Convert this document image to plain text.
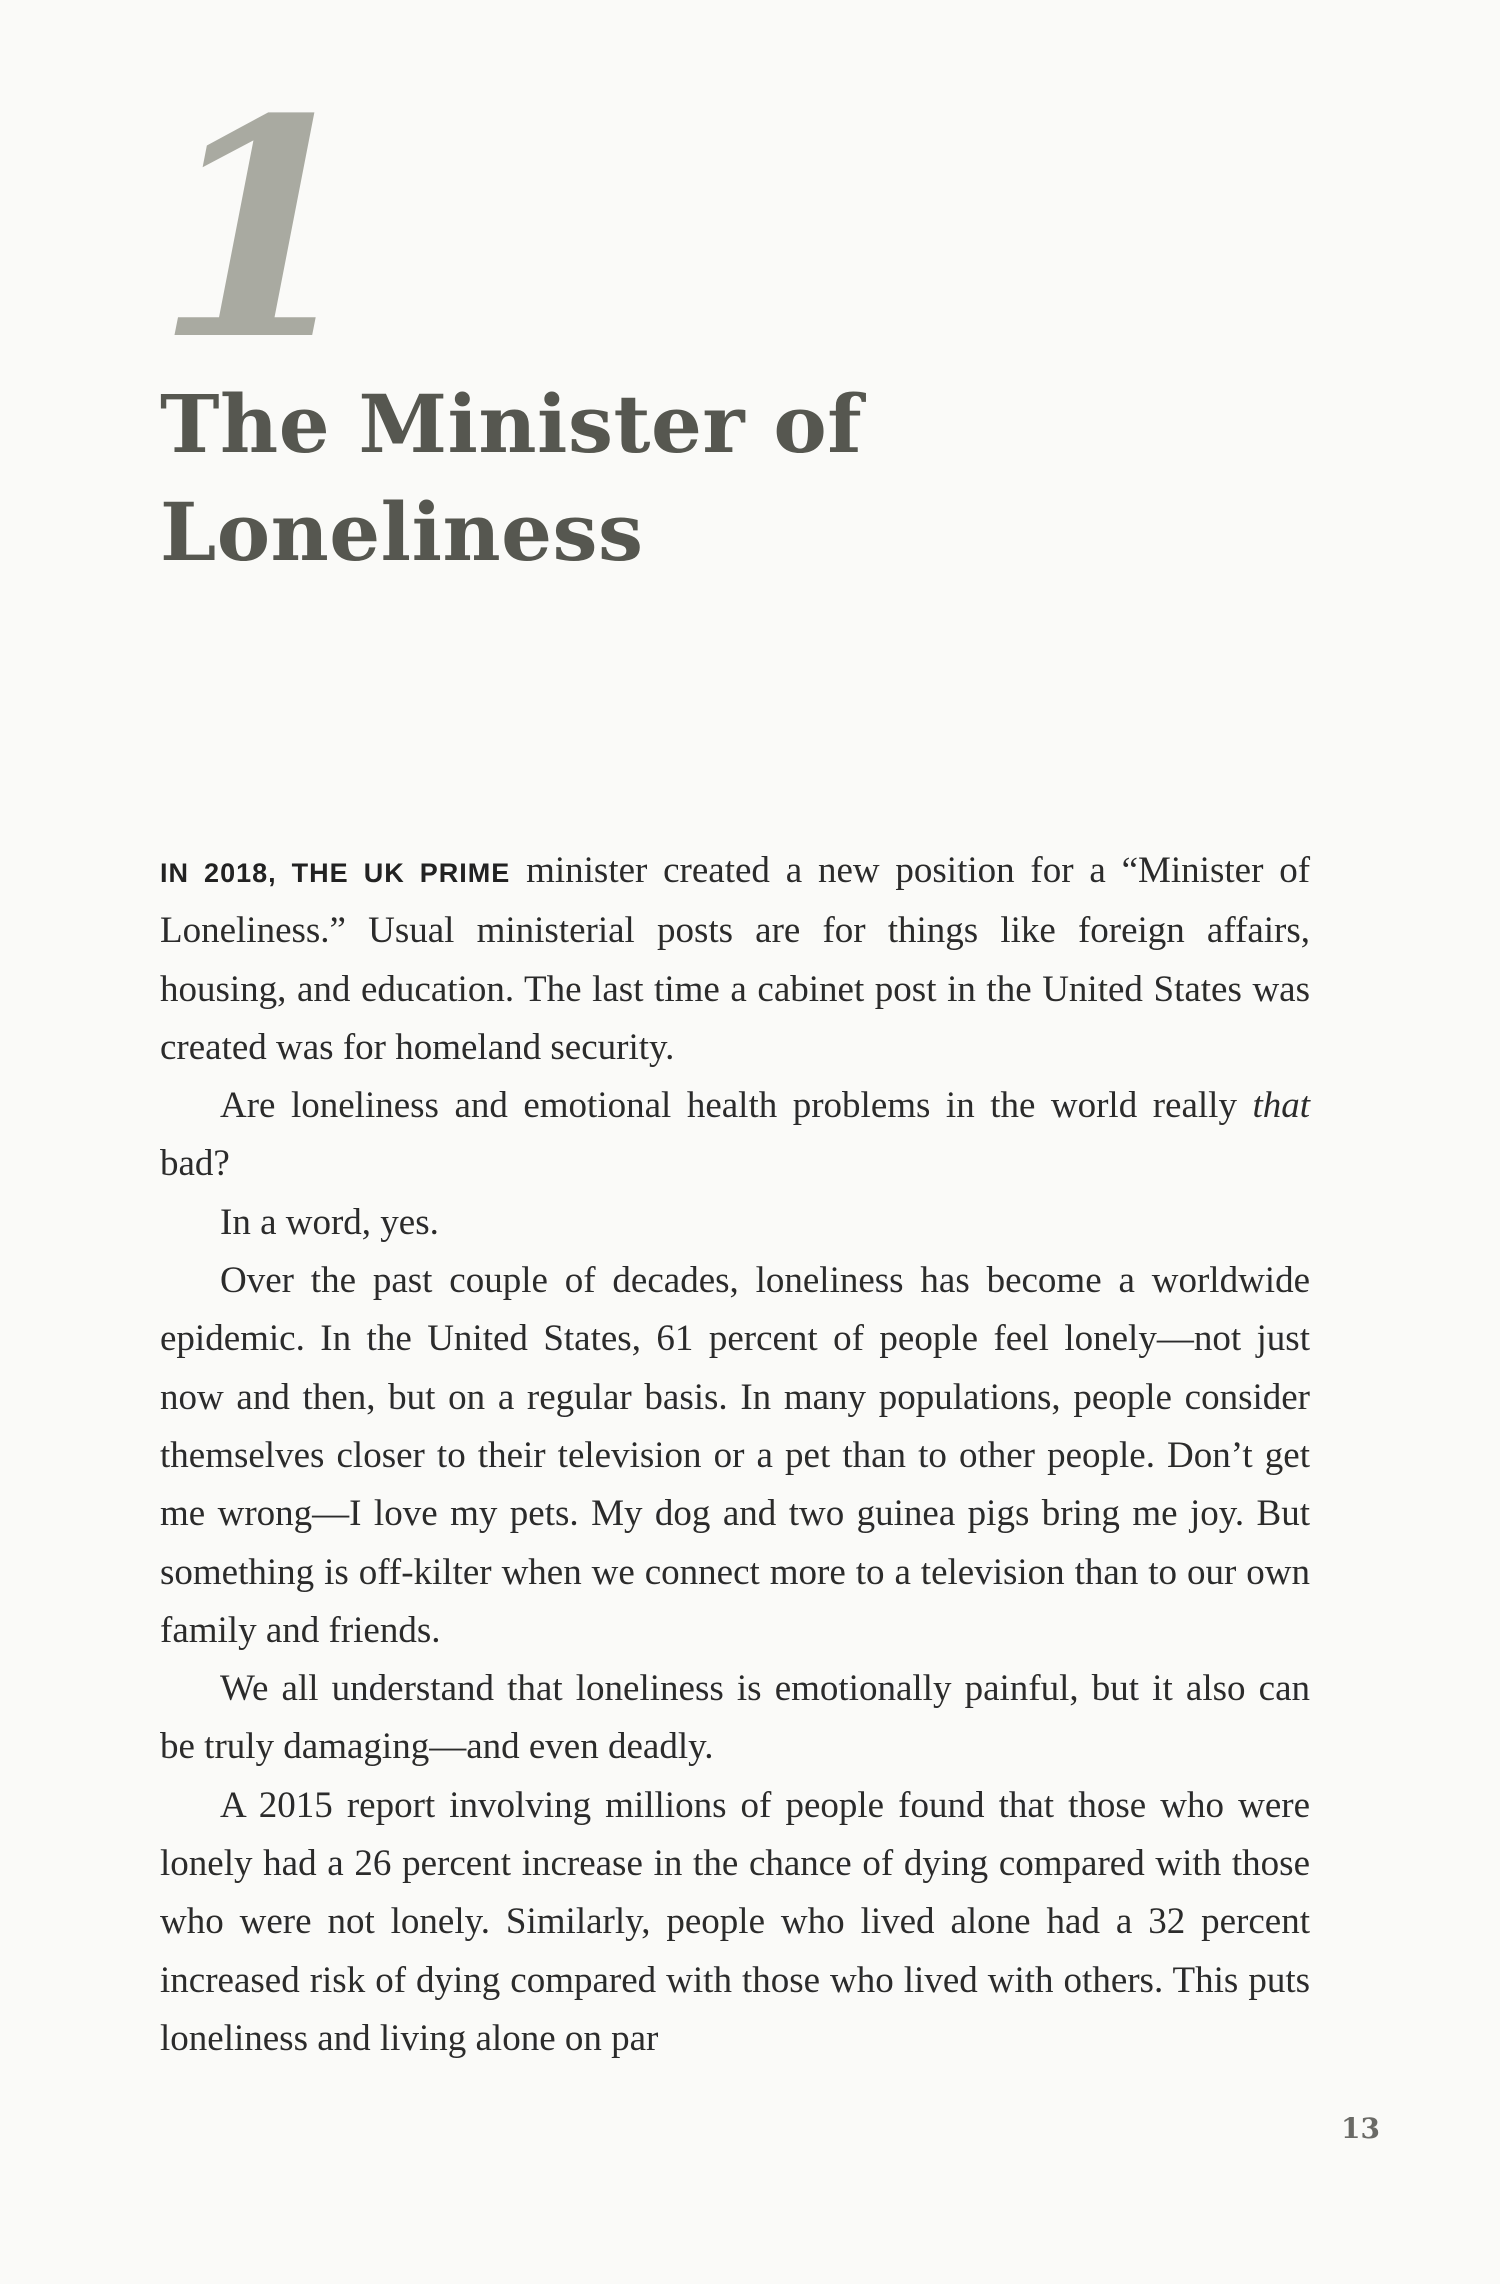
1
The Minister of
Loneliness

IN 2018, THE UK PRIME minister created a new position for a “Minister of Loneliness.” Usual ministerial posts are for things like foreign affairs, housing, and education. The last time a cabinet post in the United States was created was for homeland security.

Are loneliness and emotional health problems in the world really that bad?

In a word, yes.

Over the past couple of decades, loneliness has become a worldwide epidemic. In the United States, 61 percent of people feel lonely—not just now and then, but on a regular basis. In many populations, people consider themselves closer to their television or a pet than to other people. Don’t get me wrong—I love my pets. My dog and two guinea pigs bring me joy. But something is off-kilter when we connect more to a television than to our own family and friends.

We all understand that loneliness is emotionally painful, but it also can be truly damaging—and even deadly.

A 2015 report involving millions of people found that those who were lonely had a 26 percent increase in the chance of dying compared with those who were not lonely. Similarly, people who lived alone had a 32 percent increased risk of dying compared with those who lived with others. This puts loneliness and living alone on par

13
